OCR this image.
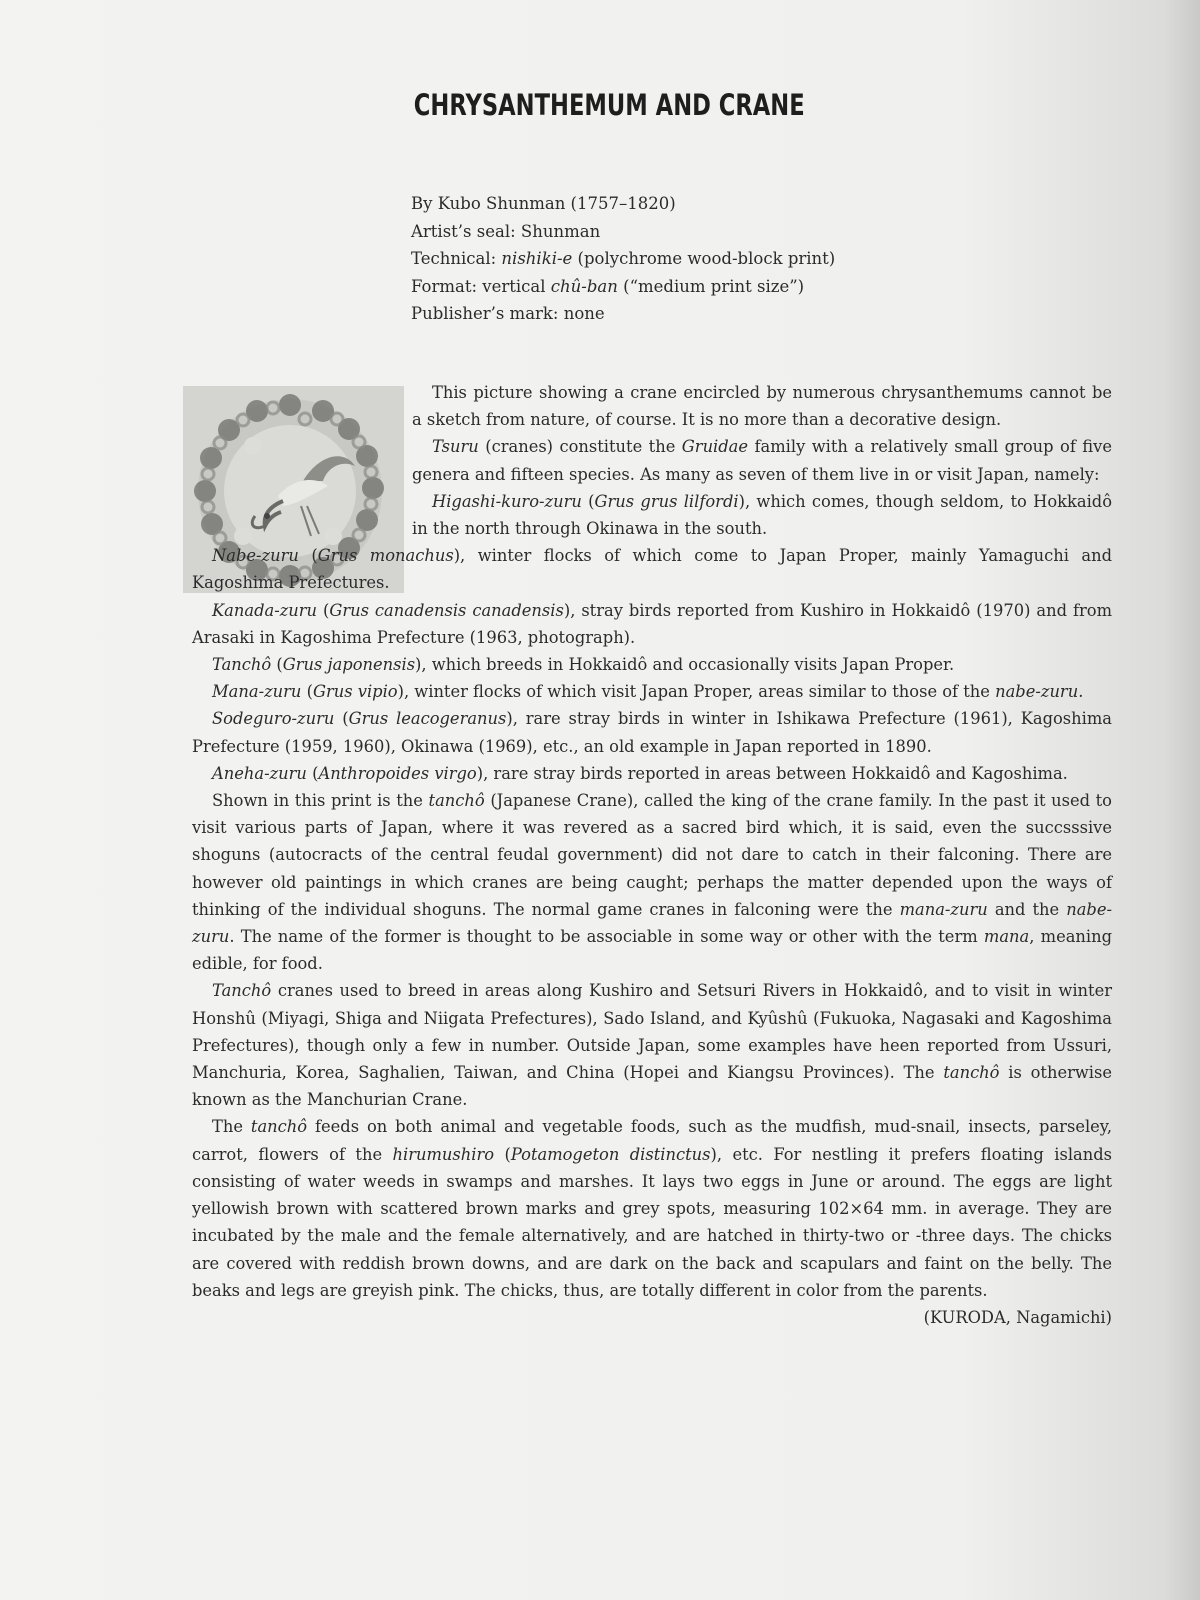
CHRYSANTHEMUM AND CRANE
By Kubo Shunman (1757–1820)
Artist’s seal: Shunman
Technical: nishiki-e (polychrome wood-block print)
Format: vertical chû-ban (“medium print size”)
Publisher’s mark: none

This picture showing a crane encircled by numerous chrysanthemums cannot be a sketch from nature, of course. It is no more than a decorative design.

Tsuru (cranes) constitute the Gruidae family with a relatively small group of five genera and fifteen species. As many as seven of them live in or visit Japan, namely:

Higashi-kuro-zuru (Grus grus lilfordi), which comes, though seldom, to Hokkaidô in the north through Okinawa in the south.

Nabe-zuru (Grus monachus), winter flocks of which come to Japan Proper, mainly Yamaguchi and Kagoshima Prefectures.

Kanada-zuru (Grus canadensis canadensis), stray birds reported from Kushiro in Hokkaidô (1970) and from Arasaki in Kagoshima Prefecture (1963, photograph).

Tanchô (Grus japonensis), which breeds in Hokkaidô and occasionally visits Japan Proper.

Mana-zuru (Grus vipio), winter flocks of which visit Japan Proper, areas similar to those of the nabe-zuru.

Sodeguro-zuru (Grus leacogeranus), rare stray birds in winter in Ishikawa Prefecture (1961), Kagoshima Prefecture (1959, 1960), Okinawa (1969), etc., an old example in Japan reported in 1890.

Aneha-zuru (Anthropoides virgo), rare stray birds reported in areas between Hokkaidô and Kagoshima.

Shown in this print is the tanchô (Japanese Crane), called the king of the crane family. In the past it used to visit various parts of Japan, where it was revered as a sacred bird which, it is said, even the succsssive shoguns (autocracts of the central feudal government) did not dare to catch in their falconing. There are however old paintings in which cranes are being caught; perhaps the matter depended upon the ways of thinking of the individual shoguns. The normal game cranes in falconing were the mana-zuru and the nabe-zuru. The name of the former is thought to be associable in some way or other with the term mana, meaning edible, for food.

Tanchô cranes used to breed in areas along Kushiro and Setsuri Rivers in Hokkaidô, and to visit in winter Honshû (Miyagi, Shiga and Niigata Prefectures), Sado Island, and Kyûshû (Fukuoka, Nagasaki and Kagoshima Prefectures), though only a few in number. Outside Japan, some examples have heen reported from Ussuri, Manchuria, Korea, Saghalien, Taiwan, and China (Hopei and Kiangsu Provinces). The tanchô is otherwise known as the Manchurian Crane.

The tanchô feeds on both animal and vegetable foods, such as the mudfish, mud-snail, insects, parseley, carrot, flowers of the hirumushiro (Potamogeton distinctus), etc. For nestling it prefers floating islands consisting of water weeds in swamps and marshes. It lays two eggs in June or around. The eggs are light yellowish brown with scattered brown marks and grey spots, measuring 102×64 mm. in average. They are incubated by the male and the female alternatively, and are hatched in thirty-two or -three days. The chicks are covered with reddish brown downs, and are dark on the back and scapulars and faint on the belly. The beaks and legs are greyish pink. The chicks, thus, are totally different in color from the parents.
(KURODA, Nagamichi)
